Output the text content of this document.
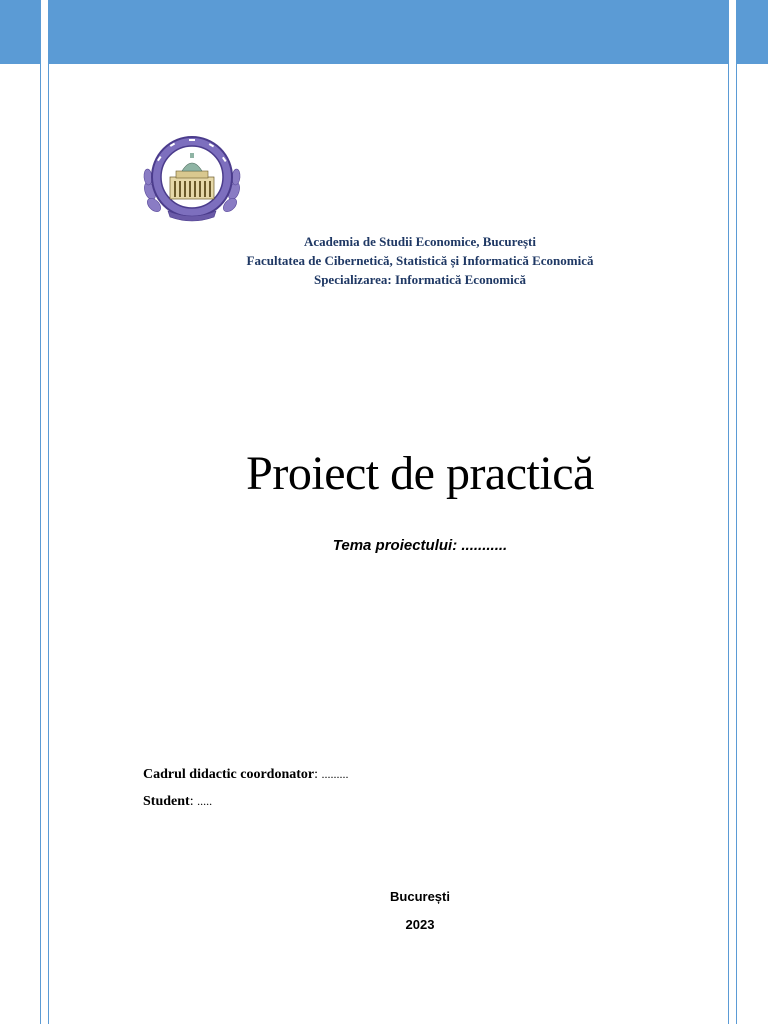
Academia de Studii Economice, București
Facultatea de Cibernetică, Statistică și Informatică Economică
Specializarea: Informatică Economică
Proiect de practică
Tema proiectului: ...........
Cadrul didactic coordonator: .........
Student: .....
București
2023
